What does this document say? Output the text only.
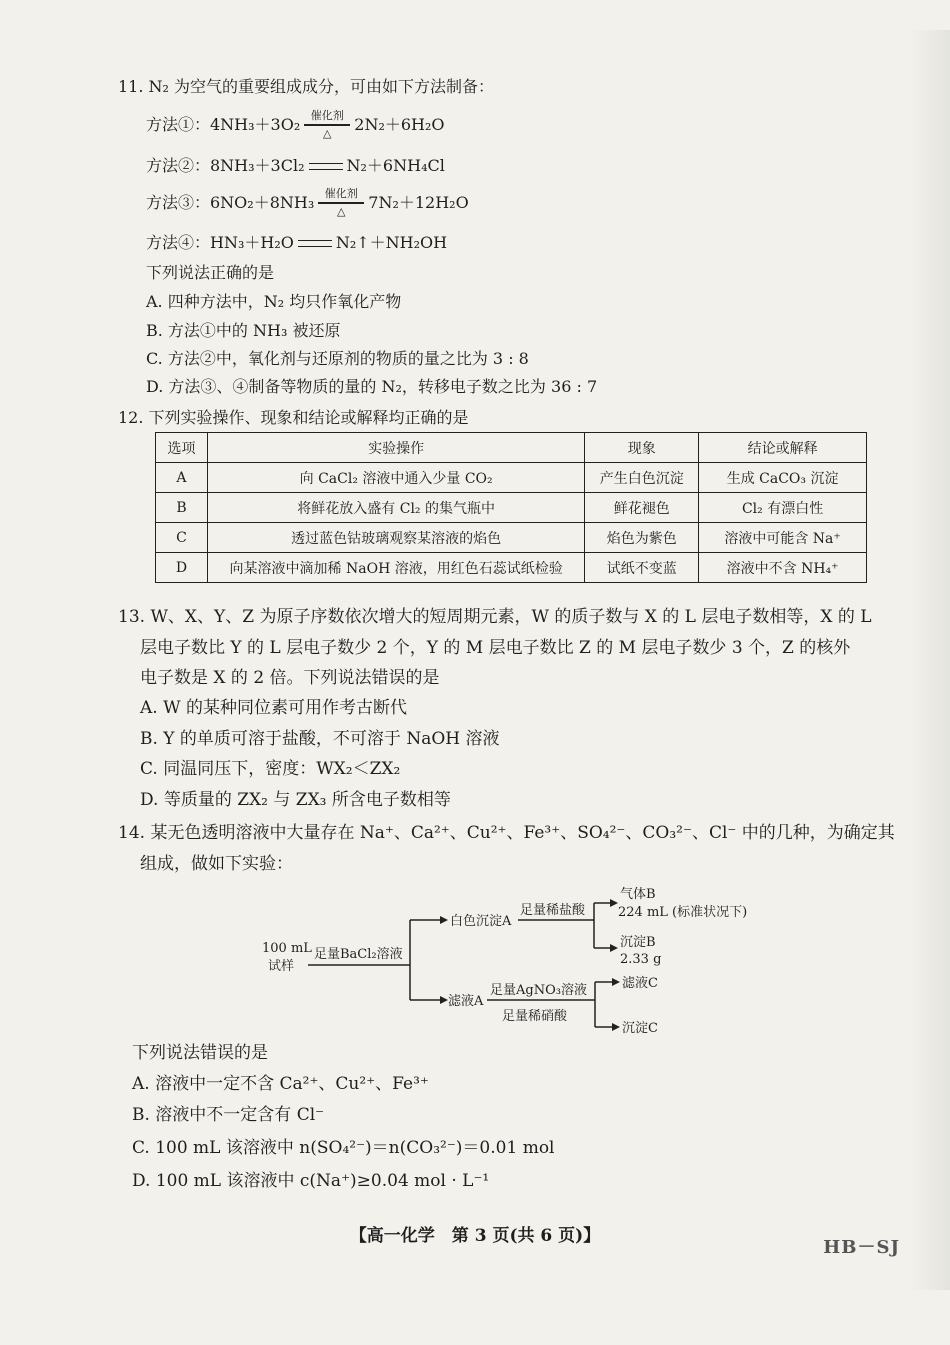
11. N₂ 为空气的重要组成成分，可由如下方法制备：
方法①：4NH₃＋3O₂ 催化剂
△ 2N₂＋6H₂O
方法②：8NH₃＋3Cl₂	N₂＋6NH₄Cl
方法③：6NO₂＋8NH₃ 催化剂
△ 7N₂＋12H₂O
方法④：HN₃＋H₂O	N₂↑＋NH₂OH
下列说法正确的是
A. 四种方法中，N₂ 均只作氧化产物
B. 方法①中的 NH₃ 被还原
C. 方法②中，氧化剂与还原剂的物质的量之比为 3 : 8
D. 方法③、④制备等物质的量的 N₂，转移电子数之比为 36 : 7
12. 下列实验操作、现象和结论或解释均正确的是
选项	实验操作	现象	结论或解释
A	向 CaCl₂ 溶液中通入少量 CO₂	产生白色沉淀	生成 CaCO₃ 沉淀
B	将鲜花放入盛有 Cl₂ 的集气瓶中	鲜花褪色	Cl₂ 有漂白性
C	透过蓝色钴玻璃观察某溶液的焰色	焰色为紫色	溶液中可能含 Na⁺
D	向某溶液中滴加稀 NaOH 溶液，用红色石蕊试纸检验	试纸不变蓝	溶液中不含 NH₄⁺
13. W、X、Y、Z 为原子序数依次增大的短周期元素，W 的质子数与 X 的 L 层电子数相等，X 的 L
层电子数比 Y 的 L 层电子数少 2 个，Y 的 M 层电子数比 Z 的 M 层电子数少 3 个，Z 的核外
电子数是 X 的 2 倍。下列说法错误的是
A. W 的某种同位素可用作考古断代
B. Y 的单质可溶于盐酸，不可溶于 NaOH 溶液
C. 同温同压下，密度：WX₂＜ZX₂
D. 等质量的 ZX₂ 与 ZX₃ 所含电子数相等
14. 某无色透明溶液中大量存在 Na⁺、Ca²⁺、Cu²⁺、Fe³⁺、SO₄²⁻、CO₃²⁻、Cl⁻ 中的几种，为确定其
组成，做如下实验：
100 mL
试样
足量BaCl₂溶液
白色沉淀A
足量稀盐酸
气体B
224 mL (标准状况下)
沉淀B
2.33 g
滤液A
足量AgNO₃溶液
足量稀硝酸
滤液C
沉淀C
下列说法错误的是
A. 溶液中一定不含 Ca²⁺、Cu²⁺、Fe³⁺
B. 溶液中不一定含有 Cl⁻
C. 100 mL 该溶液中 n(SO₄²⁻)＝n(CO₃²⁻)＝0.01 mol
D. 100 mL 该溶液中 c(Na⁺)≥0.04 mol · L⁻¹
【高一化学　第 3 页(共 6 页)】
HB－SJ
